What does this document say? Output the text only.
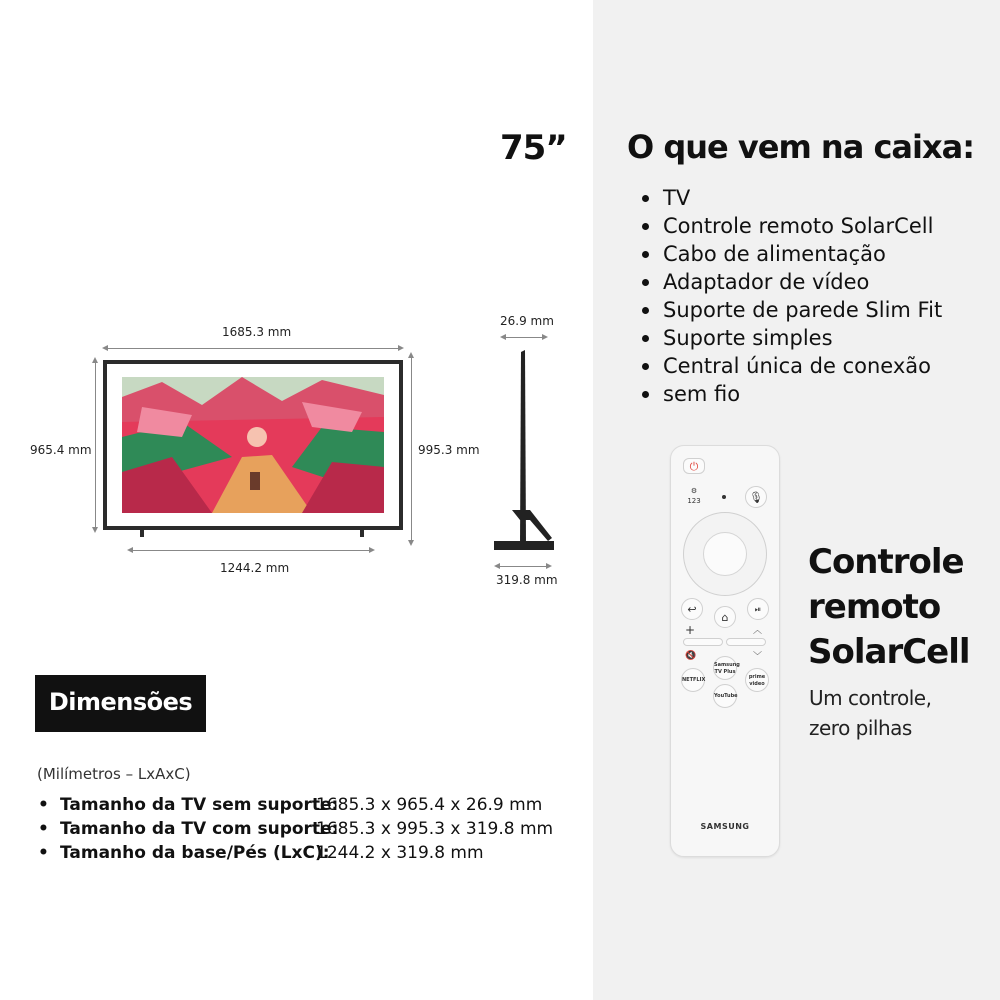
75”
1685.3 mm
965.4 mm	995.3 mm
1244.2 mm
26.9 mm
319.8 mm
Dimensões
(Milímetros – LxAxC)
• Tamanho da TV sem suporte:
1685.3 x 965.4 x 26.9 mm
• Tamanho da TV com suporte:
1685.3 x 995.3 x 319.8 mm
• Tamanho da base/Pés (LxC):
1244.2 x 319.8 mm
O que vem na caixa:
TV
Controle remoto SolarCell
Cabo de alimentação
Adaptador de vídeo
Suporte de parede Slim Fit
Suporte simples
Central única de conexão
sem fio
⏻
⚙
123	🎙
↩
⌂
⏯
+	︿
🔇	﹀
Samsung TV Plus
NETFLIX	prime video
YouTube
SAMSUNG
Controle
remoto
SolarCell
Um controle,
zero pilhas
